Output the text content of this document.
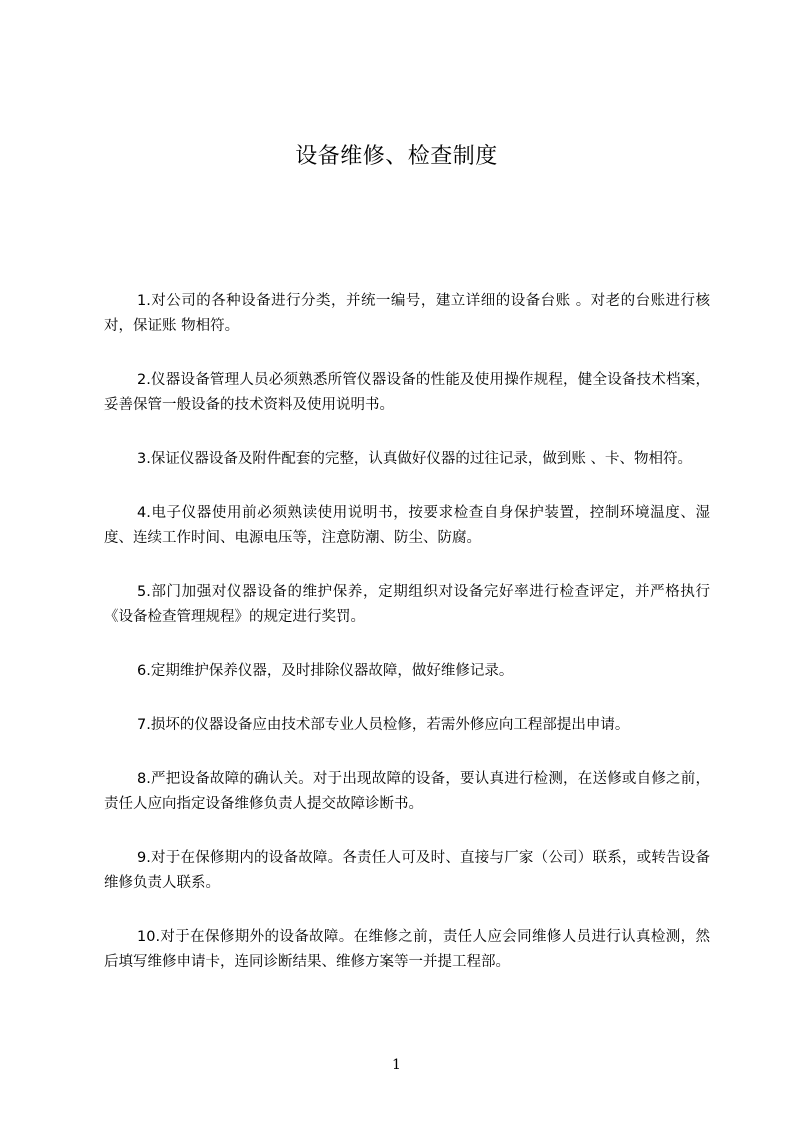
设备维修、检查制度

1.对公司的各种设备进行分类，并统一编号，建立详细的设备台账 。对老的台账进行核对，保证账 物相符。

2.仪器设备管理人员必须熟悉所管仪器设备的性能及使用操作规程，健全设备技术档案，妥善保管一般设备的技术资料及使用说明书。

3.保证仪器设备及附件配套的完整，认真做好仪器的过往记录，做到账 、卡、物相符。

4.电子仪器使用前必须熟读使用说明书，按要求检查自身保护装置，控制环境温度、湿度、连续工作时间、电源电压等，注意防潮、防尘、防腐。

5.部门加强对仪器设备的维护保养，定期组织对设备完好率进行检查评定，并严格执行《设备检查管理规程》的规定进行奖罚。

6.定期维护保养仪器，及时排除仪器故障，做好维修记录。

7.损坏的仪器设备应由技术部专业人员检修，若需外修应向工程部提出申请。

8.严把设备故障的确认关。对于出现故障的设备，要认真进行检测，在送修或自修之前，责任人应向指定设备维修负责人提交故障诊断书。

9.对于在保修期内的设备故障。各责任人可及时、直接与厂家（公司）联系，或转告设备维修负责人联系。

10.对于在保修期外的设备故障。在维修之前，责任人应会同维修人员进行认真检测，然后填写维修申请卡，连同诊断结果、维修方案等一并提工程部。

1
